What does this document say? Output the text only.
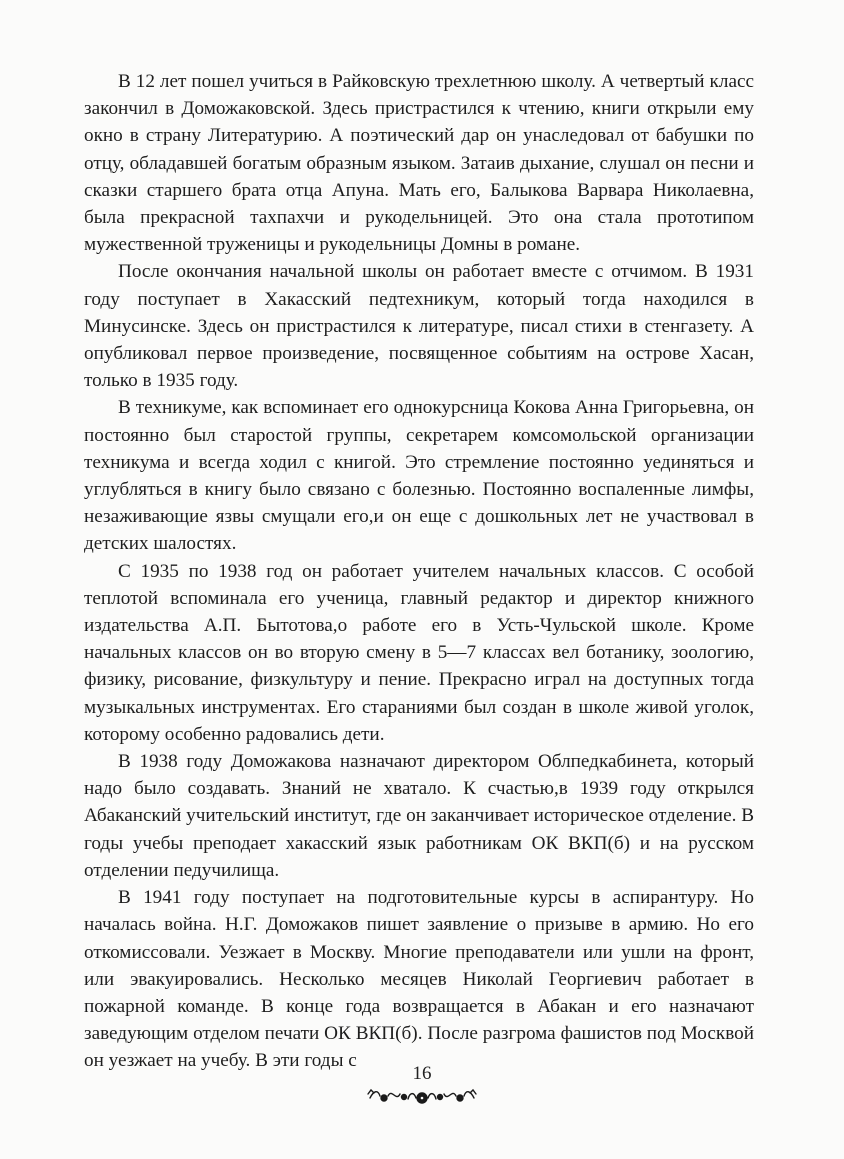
В 12 лет пошел учиться в Райковскую трехлетнюю школу. А четвертый класс закончил в Доможаковской. Здесь пристрастился к чтению, книги открыли ему окно в страну Литературию. А поэтический дар он унаследовал от бабушки по отцу, обладавшей богатым образным языком. Затаив дыхание, слушал он песни и сказки старшего брата отца Апуна. Мать его, Балыкова Варвара Николаевна, была прекрасной тахпахчи и рукодельницей. Это она стала прототипом мужественной труженицы и рукодельницы Домны в романе.

После окончания начальной школы он работает вместе с отчимом. В 1931 году поступает в Хакасский педтехникум, который тогда находился в Минусинске. Здесь он пристрастился к литературе, писал стихи в стенгазету. А опубликовал первое произведение, посвященное событиям на острове Хасан, только в 1935 году.

В техникуме, как вспоминает его однокурсница Кокова Анна Григорьевна, он постоянно был старостой группы, секретарем комсомольской организации техникума и всегда ходил с книгой. Это стремление постоянно уединяться и углубляться в книгу было связано с болезнью. Постоянно воспаленные лимфы, незаживающие язвы смущали его,и он еще с дошкольных лет не участвовал в детских шалостях.

С 1935 по 1938 год он работает учителем начальных классов. С особой теплотой вспоминала его ученица, главный редактор и директор книжного издательства А.П. Бытотова,о работе его в Усть-Чульской школе. Кроме начальных классов он во вторую смену в 5—7 классах вел ботанику, зоологию, физику, рисование, физкультуру и пение. Прекрасно играл на доступных тогда музыкальных инструментах. Его стараниями был создан в школе живой уголок, которому особенно радовались дети.

В 1938 году Доможакова назначают директором Облпедкабинета, который надо было создавать. Знаний не хватало. К счастью,в 1939 году открылся Абаканский учительский институт, где он заканчивает историческое отделение. В годы учебы преподает хакасский язык работникам ОК ВКП(б) и на русском отделении педучилища.

В 1941 году поступает на подготовительные курсы в аспирантуру. Но началась война. Н.Г. Доможаков пишет заявление о призыве в армию. Но его откомиссовали. Уезжает в Москву. Многие преподаватели или ушли на фронт, или эвакуировались. Несколько месяцев Николай Георгиевич работает в пожарной команде. В конце года возвращается в Абакан и его назначают заведующим отделом печати ОК ВКП(б). После разгрома фашистов под Москвой он уезжает на учебу. В эти годы с

16
